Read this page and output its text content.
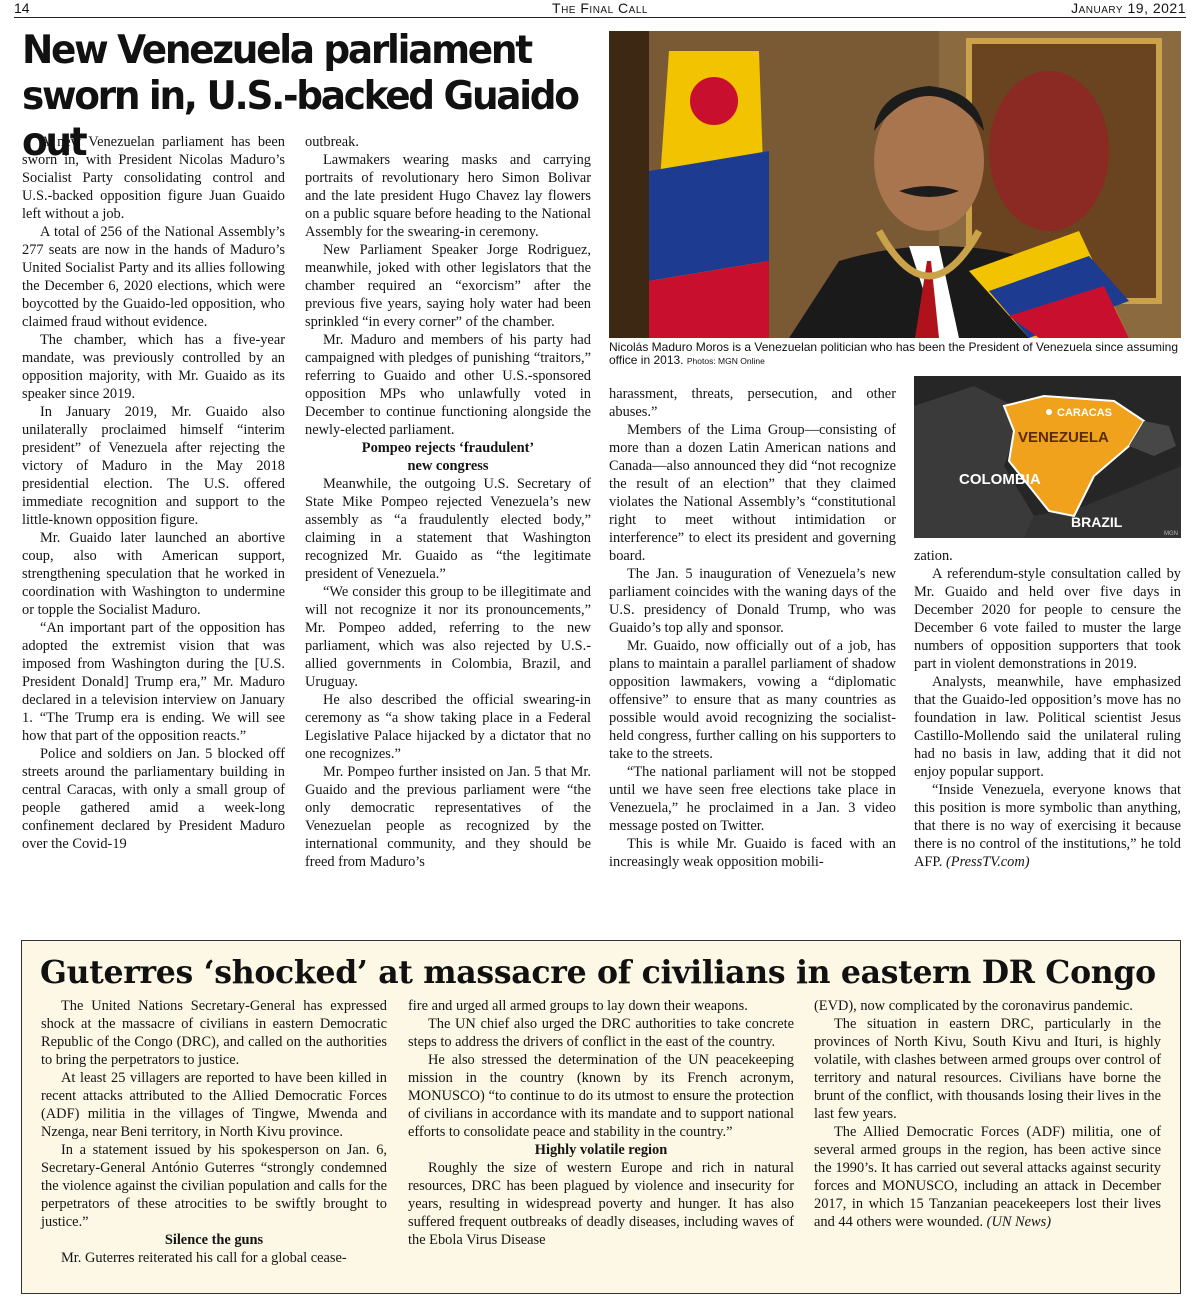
14	The Final Call	January 19, 2021
New Venezuela parliament sworn in, U.S.-backed Guaido out
Nicolás Maduro Moros is a Venezuelan politician who has been the President of Venezuela since assuming office in 2013. Photos: MGN Online
CARACAS
VENEZUELA
COLOMBIA
BRAZIL
MGN

A new Venezuelan parliament has been sworn in, with President Nicolas Maduro’s Socialist Party consolidating control and U.S.-backed opposition figure Juan Guaido left without a job.

A total of 256 of the National Assembly’s 277 seats are now in the hands of Maduro’s United Socialist Party and its allies following the December 6, 2020 elections, which were boycotted by the Guaido-led opposition, who claimed fraud without evidence.

The chamber, which has a five-year mandate, was previously controlled by an opposition majority, with Mr. Guaido as its speaker since 2019.

In January 2019, Mr. Guaido also unilaterally proclaimed himself “interim president” of Venezuela after rejecting the victory of Maduro in the May 2018 presidential election. The U.S. offered immediate recognition and support to the little-known opposition figure.

Mr. Guaido later launched an abortive coup, also with American support, strengthening speculation that he worked in coordination with Washington to undermine or topple the Socialist Maduro.

“An important part of the opposition has adopted the extremist vision that was imposed from Washington during the [U.S. President Donald] Trump era,” Mr. Maduro declared in a television interview on January 1. “The Trump era is ending. We will see how that part of the opposition reacts.”

Police and soldiers on Jan. 5 blocked off streets around the parliamentary building in central Caracas, with only a small group of people gathered amid a week-long confinement declared by President Maduro over the Covid-19

outbreak.

Lawmakers wearing masks and carrying portraits of revolutionary hero Simon Bolivar and the late president Hugo Chavez lay flowers on a public square before heading to the National Assembly for the swearing-in ceremony.

New Parliament Speaker Jorge Rodriguez, meanwhile, joked with other legislators that the chamber required an “exorcism” after the previous five years, saying holy water had been sprinkled “in every corner” of the chamber.

Mr. Maduro and members of his party had campaigned with pledges of punishing “traitors,” referring to Guaido and other U.S.-sponsored opposition MPs who unlawfully voted in December to continue functioning alongside the newly-elected parliament.

Pompeo rejects ‘fraudulent’

new congress

Meanwhile, the outgoing U.S. Secretary of State Mike Pompeo rejected Venezuela’s new assembly as “a fraudulently elected body,” claiming in a statement that Washington recognized Mr. Guaido as “the legitimate president of Venezuela.”

“We consider this group to be illegitimate and will not recognize it nor its pronouncements,” Mr. Pompeo added, referring to the new parliament, which was also rejected by U.S.-allied governments in Colombia, Brazil, and Uruguay.

He also described the official swearing-in ceremony as “a show taking place in a Federal Legislative Palace hijacked by a dictator that no one recognizes.”

Mr. Pompeo further insisted on Jan. 5 that Mr. Guaido and the previous parliament were “the only democratic representatives of the Venezuelan people as recognized by the international community, and they should be freed from Maduro’s

harassment, threats, persecution, and other abuses.”

Members of the Lima Group—consisting of more than a dozen Latin American nations and Canada—also announced they did “not recognize the result of an election” that they claimed violates the National Assembly’s “constitutional right to meet without intimidation or interference” to elect its president and governing board.

The Jan. 5 inauguration of Venezuela’s new parliament coincides with the waning days of the U.S. presidency of Donald Trump, who was Guaido’s top ally and sponsor.

Mr. Guaido, now officially out of a job, has plans to maintain a parallel parliament of shadow opposition lawmakers, vowing a “diplomatic offensive” to ensure that as many countries as possible would avoid recognizing the socialist-held congress, further calling on his supporters to take to the streets.

“The national parliament will not be stopped until we have seen free elections take place in Venezuela,” he proclaimed in a Jan. 3 video message posted on Twitter.

This is while Mr. Guaido is faced with an increasingly weak opposition mobili-

zation.

A referendum-style consultation called by Mr. Guaido and held over five days in December 2020 for people to censure the December 6 vote failed to muster the large numbers of opposition supporters that took part in violent demonstrations in 2019.

Analysts, meanwhile, have emphasized that the Guaido-led opposition’s move has no foundation in law. Political scientist Jesus Castillo-Mollendo said the unilateral ruling had no basis in law, adding that it did not enjoy popular support.

“Inside Venezuela, everyone knows that this position is more symbolic than anything, that there is no way of exercising it because there is no control of the institutions,” he told AFP. (PressTV.com)

Guterres ‘shocked’ at massacre of civilians in eastern DR Congo

The United Nations Secretary-General has expressed shock at the massacre of civilians in eastern Democratic Republic of the Congo (DRC), and called on the authorities to bring the perpetrators to justice.

At least 25 villagers are reported to have been killed in recent attacks attributed to the Allied Democratic Forces (ADF) militia in the villages of Tingwe, Mwenda and Nzenga, near Beni territory, in North Kivu province.

In a statement issued by his spokesperson on Jan. 6, Secretary-General António Guterres “strongly condemned the violence against the civilian population and calls for the perpetrators of these atrocities to be swiftly brought to justice.”

Silence the guns

Mr. Guterres reiterated his call for a global cease-

fire and urged all armed groups to lay down their weapons.

The UN chief also urged the DRC authorities to take concrete steps to address the drivers of conflict in the east of the country.

He also stressed the determination of the UN peacekeeping mission in the country (known by its French acronym, MONUSCO) “to continue to do its utmost to ensure the protection of civilians in accordance with its mandate and to support national efforts to consolidate peace and stability in the country.”

Highly volatile region

Roughly the size of western Europe and rich in natural resources, DRC has been plagued by violence and insecurity for years, resulting in widespread poverty and hunger. It has also suffered frequent outbreaks of deadly diseases, including waves of the Ebola Virus Disease

(EVD), now complicated by the coronavirus pandemic.

The situation in eastern DRC, particularly in the provinces of North Kivu, South Kivu and Ituri, is highly volatile, with clashes between armed groups over control of territory and natural resources. Civilians have borne the brunt of the conflict, with thousands losing their lives in the last few years.

The Allied Democratic Forces (ADF) militia, one of several armed groups in the region, has been active since the 1990’s. It has carried out several attacks against security forces and MONUSCO, including an attack in December 2017, in which 15 Tanzanian peacekeepers lost their lives and 44 others were wounded. (UN News)
